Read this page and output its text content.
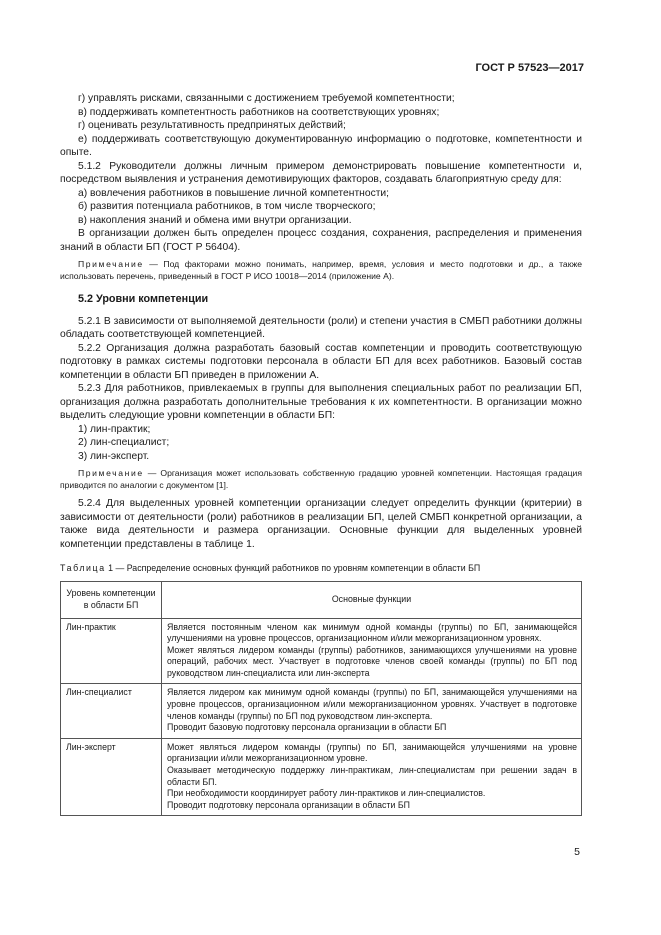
ГОСТ Р 57523—2017

г) управлять рисками, связанными с достижением требуемой компетентности;

в) поддерживать компетентность работников на соответствующих уровнях;

г) оценивать результативность предпринятых действий;

е) поддерживать соответствующую документированную информацию о подготовке, компетентности и опыте.

5.1.2 Руководители должны личным примером демонстрировать повышение компетентности и, посредством выявления и устранения демотивирующих факторов, создавать благоприятную среду для:

а) вовлечения работников в повышение личной компетентности;

б) развития потенциала работников, в том числе творческого;

в) накопления знаний и обмена ими внутри организации.

В организации должен быть определен процесс создания, сохранения, распределения и применения знаний в области БП (ГОСТ Р 56404).

Примечание — Под факторами можно понимать, например, время, условия и место подготовки и др., а также использовать перечень, приведенный в ГОСТ Р ИСО 10018—2014 (приложение А).

5.2 Уровни компетенции

5.2.1 В зависимости от выполняемой деятельности (роли) и степени участия в СМБП работники должны обладать соответствующей компетенцией.

5.2.2 Организация должна разработать базовый состав компетенции и проводить соответствующую подготовку в рамках системы подготовки персонала в области БП для всех работников. Базовый состав компетенции в области БП приведен в приложении А.

5.2.3 Для работников, привлекаемых в группы для выполнения специальных работ по реализации БП, организация должна разработать дополнительные требования к их компетентности. В организации можно выделить следующие уровни компетенции в области БП:

1) лин-практик;

2) лин-специалист;

3) лин-эксперт.

Примечание — Организация может использовать собственную градацию уровней компетенции. Настоящая градация приводится по аналогии с документом [1].

5.2.4 Для выделенных уровней компетенции организации следует определить функции (критерии) в зависимости от деятельности (роли) работников в реализации БП, целей СМБП конкретной организации, а также вида деятельности и размера организации. Основные функции для выделенных уровней компетенции представлены в таблице 1.

Таблица 1 — Распределение основных функций работников по уровням компетенции в области БП
Уровень компетенции в области БП	Основные функции
Лин-практик	Является постоянным членом как минимум одной команды (группы) по БП, занимающейся улучшениями на уровне процессов, организационном и/или межорганизационном уровнях.

Может являться лидером команды (группы) работников, занимающихся улучшениями на уровне операций, рабочих мест. Участвует в подготовке членов своей команды (группы) по БП под руководством лин-специалиста или лин-эксперта

Лин-специалист	Является лидером как минимум одной команды (группы) по БП, занимающейся улучшениями на уровне процессов, организационном и/или межорганизационном уровнях. Участвует в подготовке членов команды (группы) по БП под руководством лин-эксперта.

Проводит базовую подготовку персонала организации в области БП

Лин-эксперт	Может являться лидером команды (группы) по БП, занимающейся улучшениями на уровне организации и/или межорганизационном уровне.

Оказывает методическую поддержку лин-практикам, лин-специалистам при решении задач в области БП.

При необходимости координирует работу лин-практиков и лин-специалистов.

Проводит подготовку персонала организации в области БП

5
